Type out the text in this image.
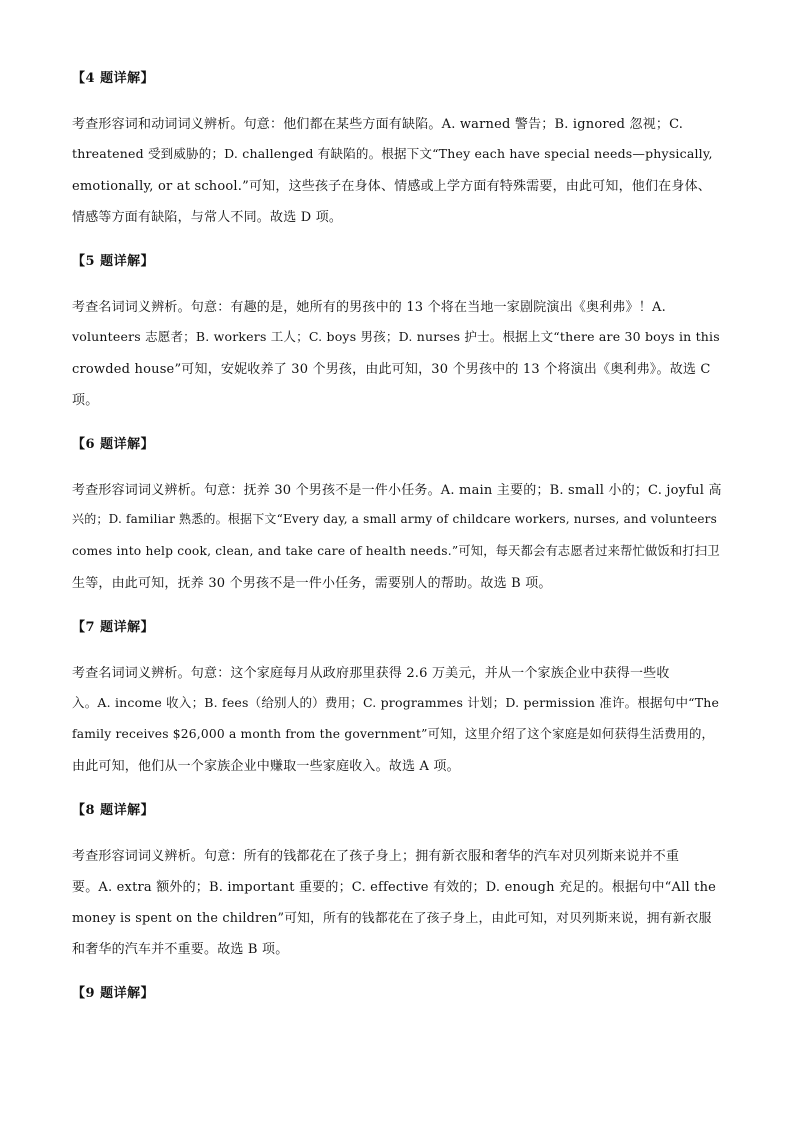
【4 题详解】
考查形容词和动词词义辨析。句意：他们都在某些方面有缺陷。A. warned 警告；B. ignored 忽视；C.
threatened 受到威胁的；D. challenged 有缺陷的。根据下文“They each have special needs—physically,
emotionally, or at school.”可知，这些孩子在身体、情感或上学方面有特殊需要，由此可知，他们在身体、
情感等方面有缺陷，与常人不同。故选 D 项。
【5 题详解】
考查名词词义辨析。句意：有趣的是，她所有的男孩中的 13 个将在当地一家剧院演出《奥利弗》！A.
volunteers 志愿者；B. workers 工人；C. boys 男孩；D. nurses 护士。根据上文“there are 30 boys in this
crowded house”可知，安妮收养了 30 个男孩，由此可知，30 个男孩中的 13 个将演出《奥利弗》。故选 C
项。
【6 题详解】
考查形容词词义辨析。句意：抚养 30 个男孩不是一件小任务。A. main 主要的；B. small 小的；C. joyful 高
兴的；D. familiar 熟悉的。根据下文“Every day, a small army of childcare workers, nurses, and volunteers
comes into help cook, clean, and take care of health needs.”可知，每天都会有志愿者过来帮忙做饭和打扫卫
生等，由此可知，抚养 30 个男孩不是一件小任务，需要别人的帮助。故选 B 项。
【7 题详解】
考查名词词义辨析。句意：这个家庭每月从政府那里获得 2.6 万美元，并从一个家族企业中获得一些收
入。A. income 收入；B. fees（给别人的）费用；C. programmes 计划；D. permission 准许。根据句中“The
family receives $26,000 a month from the government”可知，这里介绍了这个家庭是如何获得生活费用的，
由此可知，他们从一个家族企业中赚取一些家庭收入。故选 A 项。
【8 题详解】
考查形容词词义辨析。句意：所有的钱都花在了孩子身上；拥有新衣服和奢华的汽车对贝列斯来说并不重
要。A. extra 额外的；B. important 重要的；C. effective 有效的；D. enough 充足的。根据句中“All the
money is spent on the children”可知，所有的钱都花在了孩子身上，由此可知，对贝列斯来说，拥有新衣服
和奢华的汽车并不重要。故选 B 项。
【9 题详解】
